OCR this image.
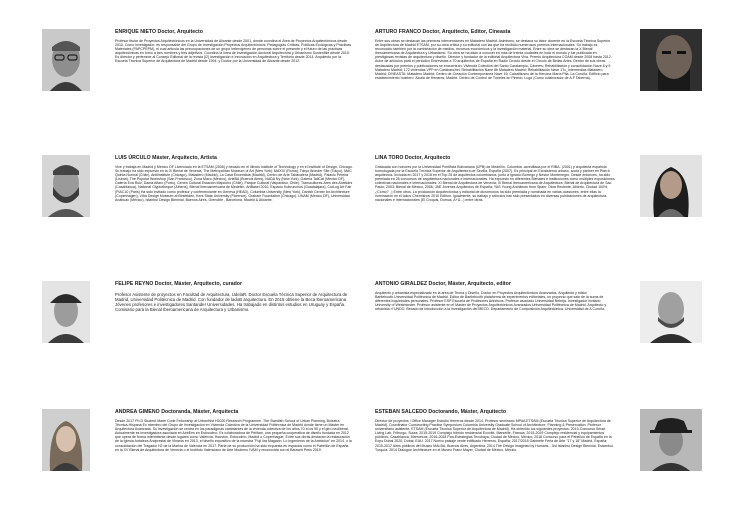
ENRIQUE NIETO Doctor, Arquitecto
Profesor titular de Proyectos Arquitectónicos en la Universidad de Alicante desde 2001, donde coordina el Área de Proyectos Arquitectónicos desde 2010. Como investigador, es responsable del Grupo de Investigación Proyectos Arquitectónicos: Pedagogías Críticas, Políticas Ecológicas y Prácticas Materiales (PAPCPEPM), el cual articula las preocupaciones de un grupo heterogéneo de personas sobre el presente y el futuro de las prácticas arquitectónicas en torno a tres nombres y tres adjetivos. Coordina la línea de investigación doctoral Arquitectura y Urbanismo Sostenible desde 2015. Es director y pertenece al Consejo Editorial de la revista [i2] Investigación e Innovación en Arquitectura y Territorio desde 2014. Arquitecto por la Escuela Técnica Superior de Arquitectura de Madrid desde 1994, y Doctor por la Universidad de Alicante desde 2012.
ARTURO FRANCO Doctor, Arquitecto, Editor, Cineasta
Entre sus obras se destacan las primeras intervenciones en Matadero Madrid. Asimismo, se destaca su labor docente en la Escuela Técnica Superior de Arquitectura de Madrid ETSAM, por su obra crítica y su editorial con las que ha recibido numerosos premios internacionales. Su trabajo es reconocido también por la combinación de medios, recursos económicos y la investigación material. Entre su obra se destacan la X Bienal Iberoamericana de Arquitectura y Urbanismo. Su obra se ha dado a conocer en más de treinta ciudades en todo el mundo y fue publicada en prestigiosas revistas de arquitectura y diseño. Director y fundador de la editorial Arquitectura Viva. Premio Arquitectura COAM desde 2008 hasta 2012. Autor de artículos para el periódico Entrevistas a 70 arquitectos de España en Radio Círculo desde el Círculo de Bellas Artes. Dentro de sus obras destacadas por premios y publicaciones se encuentran: Vivienda Colectiva del Santo Caralampio, Cáceres; Rehabilitación y consolidación Nave 8 y 9 Matadero Madrid; 172 viviendas VPP en Carabanchel; Rehabilitación Nave 8b Matadero Madrid; Rehabilitación Nave 17c_Intermedias Matadero Madrid; CINEASTA: Matadero Madrid; Centro de Creación Contemporánea Nave 16; CaixaMuseo de la Heroína María Pita. La Coruña. Edificio para establecimiento hotelero. Alcalá de Henares; Madrid. Centro de Control de Túneles en Pinedo. Lugo (Como colaborador de A.F Taberna).
LUIS ÚRCULO Máster, Arquitecto, Artista
Vive y trabaja en Madrid y Mexico DF Licenciado en la ETSAM (2006) y becado en el Illinois Institute of Technology y en el Institute of Design, Chicago. Su trabajo ha sido expuesto en la IX Bienal de Venecia, The Metropolitan Museum of Art (New York), MAXXI (Roma), Tokyo Wonder Site (Tokyo), MAC Quinta Normal (Chile), Antilinstitute (Chicago), Matadero (Madrid), La Casa Encendida (Madrid), Centro de Arte Tabacalera (Madrid), Palacio Pereira (Lisboa), The Popular Workshop (San Francisco), Zona Maco (Mexico), ArteBA (Buenos Aires), NADA Ny (New York), Galería TallCat (Mexico DF), Galería Eva Ruiz, Dama Alfaro (Porto), Centro Cultural Estación Mapocho (Chile), Parque Cultural (Valparaiso, Chile), Transcultures-Ares des Abattoirs (Casablanca), National Glyptotheque (Athens), Bienal Iberoamericana de Medellín, ArtBasel 2010, Espacio Kubrunchos (Guadalajara), CutLog Art Fair (PIAC10 (Paris) Ha sido invitado como profesor y conferenciante en Geneva (HEAD), Columbia University (New York), Danish Center for Architecture (Copenhagen), Vitra Design Museum at Birsfelden, Kent State University (Florence), Graham Foundation (Chicago), UNAM (Mexico DF), Universidad Anáhuac (México), Istanbul Design Biennial, Buenos Aires, Grenoble , Barcelona, Madrid & Alicante.
LINA TORO Doctor, Arquitecto
Graduada con honores por la Universidad Pontificia Bolivariana (UPB) de Medellín, Colombia -acreditada por el RIBA- (2001) y arquitecta española homologada por la Escuela Técnica Superior de Arquitectura de Sevilla, España (2007). Es principal en Ecosistema urbano, socia y partner en Plan:b arquitectos. Incluida en 2017 y 2018 en el Top 25 de arquitectos colombianos, junto a Ignacio Borrego y Néstor Montenegro. Desde entonces, ha sido premiada en 28 concursos de arquitectura nacionales e internacionales. Ha expuesto en diferentes Bienales e instituciones como múltiples exposiciones colectivas nacionales e internacionales: XI Bienal de Arquitectura de Venecia; XI Bienal Iberoamericana de Arquitectura; Bienal de Arquitectura de Sao Paulo, 2003; Bienal de México, 2006; JAE Jóvenes Arquitectos de España; YAS Young Architects from Spain; Obra Reciente, Abierto, Ciudad 100%, ¿Cómo? , | Entre otros. La producción Arquitectónica y editorial de dicromonos ha sido premiada y nominada en varias ocasiones, entre ellas la nominación en el Iakov Chernikhov 2010 Edition. Igualmente, su trabajo y artículos han sido presentados en diversas publicaciones de arquitectura, nacionales e internacionales (El Croquis, Domus, A+U...) entre otras.
FELIPE REYNO Doctor, Máster, Arquitecto, curador
Profesor Asistente de proyectos en Facultad de Arquitectura, UdelaR. Doctor Escuela Técnica Superior de Arquitectura de Madrid, Universidad Politécnica de Madrid. Con fundador de ladoB arquitectura. En 2015 obtiene la Beca Iberoamericana Jóvenes profesores e investigadores Santander Universidades. Ha trabajado en distintos estudios en Uruguay y España. Comisario para la Bienal Iberoamericana de Arquitectura y Urbanismo.
ANTONIO GIRALDEZ Doctor, Máster, Arquitecto, editor
Arquitecto y urbanista especializado en la area de Teoría y Diseño, Doctor en Proyectos Arquitectónicos Avanzados. Arquitecto y editor Bartlebooth.Universidad Politécnica de Madrid. Editor de Bartlebooth plataforma de experimentos editoriales, un proyecto que sale de la suma de diferentes inquietudes personales. Profesor ESP Escuela de Profesores Artísticos. Profesor asociado Universidad Nebrija. Investigador invitado University of Westminster. Profesor asistente en el Máster de Proyectos Arquitectónicos Avanzados Universidad Politécnica de Madrid. Arquitecto y urbanista n°UNDO. Becado de introducción a la investigación del MECD. Departamento de Composición Arquitectónica. Universidad de A Coruña.
ANDREA GIMENO Doctoranda, Máster, Arquitecta
Desde 2017 Ph.D Student Marie Curie Fellowship at UrbanHist H2020 Research Programme. The Swedish School of Urban Planning. Bolseira Técnica-Hispana Ex miembro del Grupo de Investigación en Vivienda Colectiva de la Universidad Politécnica de Madrid donde tiene un Máster en Arquitectura Avanzada. Su investigación se centra en los paradigmas cambiantes de la vivienda colectiva de los años 70 a los 90 y el giro neoliberal. Actualmente es investigadora asociada en AirbEes en Estocolmo. Es colaboradora de Pelifam, una pequeña cooperativa de diseño fundada en 2012 que opera de forma intermitente desde lugares como Valencia, Houston, Estocolmo, Madrid o Copenhague. Entre sus obras destacan la restauración de la iglesia-fortaleza Arciprestal de Vinaròs en 2013, el diseño expositivo de la muestra "Fuji Iira Magazin, Lo Ingenieros de la Ambición" en 2014, o la consolidación del Tragadol H2 de la Marina de Valencia en 2017. Parte de su producción ha sido expuesta en espacios como el Pabellón de España en la XV Bienal de Arquitectura de Venecia o el Instituto Valenciano de Arte Moderno IVAM y reconocida con el Bauwelt Preis 2019.
ESTEBAN SALCEDO Doctorando, Máster, Arquitecto
Director de proyectos / Office Manager Estudio Herreros desde 2014. Profesor seminario MPAA ETSAM (Escuela Técnica Superior de Arquitectura de Madrid). Coordinator Constructing Practice Symposium Columbia University Graduate School of Architecture, Planning & Preservation. Profesor universitario asistente, ETSAM (Escuela Técnica Superior de Arquitectura de Madrid). Ha obtenido los siguientes proyectos: 2019-Concurso Smart Living Lab, Friburgo, Suiza; 2015-2019 Complejo híbrido residencial Ecocité, Marseille, Francia; 2015-2019 Complejo residencial y equipamientos públicos, Casablanca, Marruecos; 2016-2018 Pan-Estrategias Tecubaya, Ciudad de México, México; 2018 Concurso para el Pabellón de España en la Expo Dubai 2020, Dubai, EAU. 2017 Nuevo paisaje verde edificado Herreros, España; 2017/2018 Gabinete Feria de Arte "17 y 18" Madrid, España; 2015-2017 Aires públicos del Museo MALBA, Buenos Aires, Argentina. 2014 The Design Imagined by Humans - 3rd Istanbul Design Biennial, Estambul, Turquía. 2014 Dialogue Architecture en el Museo Franz Mayer, Ciudad de México, México.
